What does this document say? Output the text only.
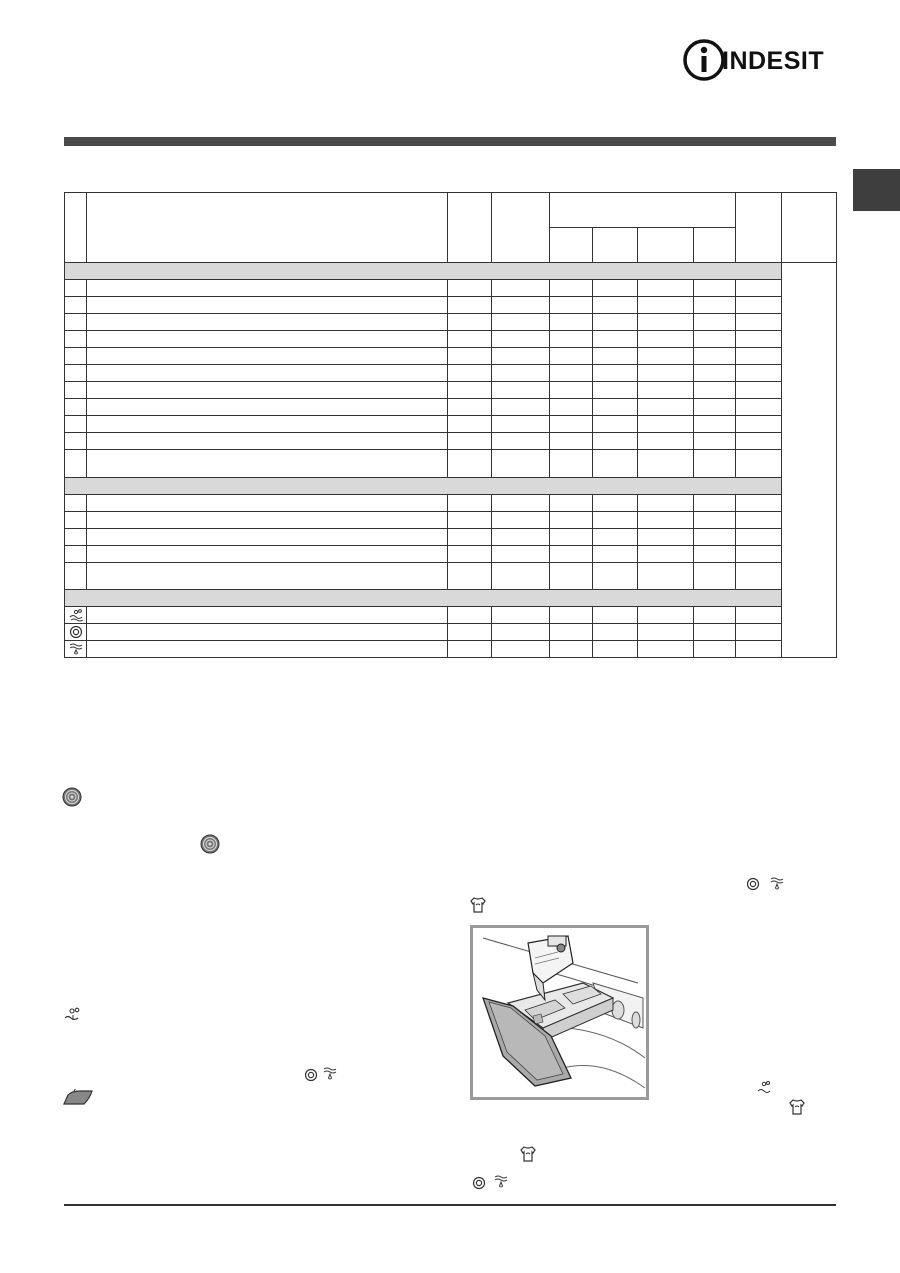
INDESIT
